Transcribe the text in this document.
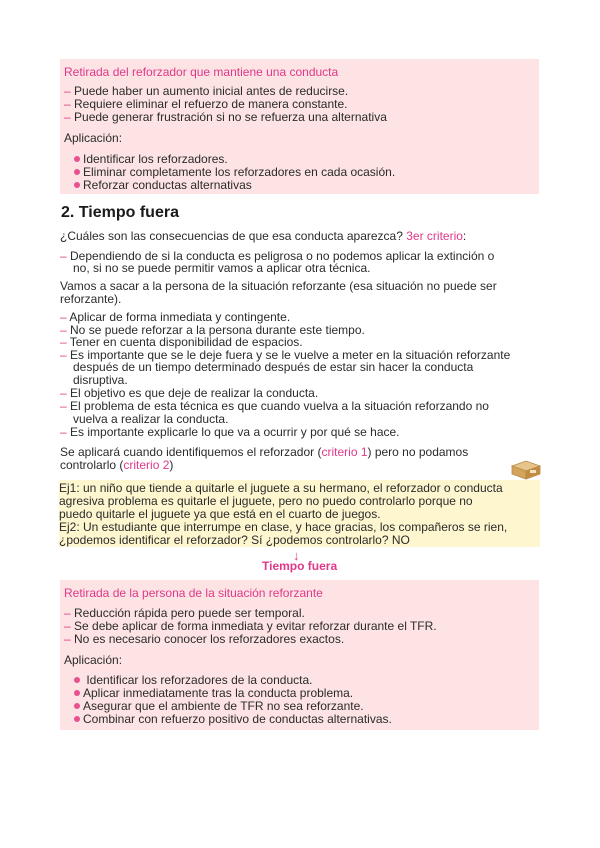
Retirada del reforzador que mantiene una conducta
– Puede haber un aumento inicial antes de reducirse.
– Requiere eliminar el refuerzo de manera constante.
– Puede generar frustración si no se refuerza una alternativa
Aplicación:
Identificar los reforzadores.
Eliminar completamente los reforzadores en cada ocasión.
Reforzar conductas alternativas
2. Tiempo fuera
¿Cuáles son las consecuencias de que esa conducta aparezca? 3er criterio:
– Dependiendo de si la conducta es peligrosa o no podemos aplicar la extinción o
no, si no se puede permitir vamos a aplicar otra técnica.
Vamos a sacar a la persona de la situación reforzante (esa situación no puede ser
reforzante).
– Aplicar de forma inmediata y contingente.
– No se puede reforzar a la persona durante este tiempo.
– Tener en cuenta disponibilidad de espacios.
– Es importante que se le deje fuera y se le vuelve a meter en la situación reforzante
después de un tiempo determinado después de estar sin hacer la conducta
disruptiva.
– El objetivo es que deje de realizar la conducta.
– El problema de esta técnica es que cuando vuelva a la situación reforzando no
vuelva a realizar la conducta.
– Es importante explicarle lo que va a ocurrir y por qué se hace.
Se aplicará cuando identifiquemos el reforzador (criterio 1) pero no podamos
controlarlo (criterio 2)
Ej1: un niño que tiende a quitarle el juguete a su hermano, el reforzador o conducta
agresiva problema es quitarle el juguete, pero no puedo controlarlo porque no
puedo quitarle el juguete ya que está en el cuarto de juegos.
Ej2: Un estudiante que interrumpe en clase, y hace gracias, los compañeros se rien,
¿podemos identificar el reforzador? Sí ¿podemos controlarlo? NO
↓
Tiempo fuera
Retirada de la persona de la situación reforzante
– Reducción rápida pero puede ser temporal.
– Se debe aplicar de forma inmediata y evitar reforzar durante el TFR.
– No es necesario conocer los reforzadores exactos.
Aplicación:
Identificar los reforzadores de la conducta.
Aplicar inmediatamente tras la conducta problema.
Asegurar que el ambiente de TFR no sea reforzante.
Combinar con refuerzo positivo de conductas alternativas.
